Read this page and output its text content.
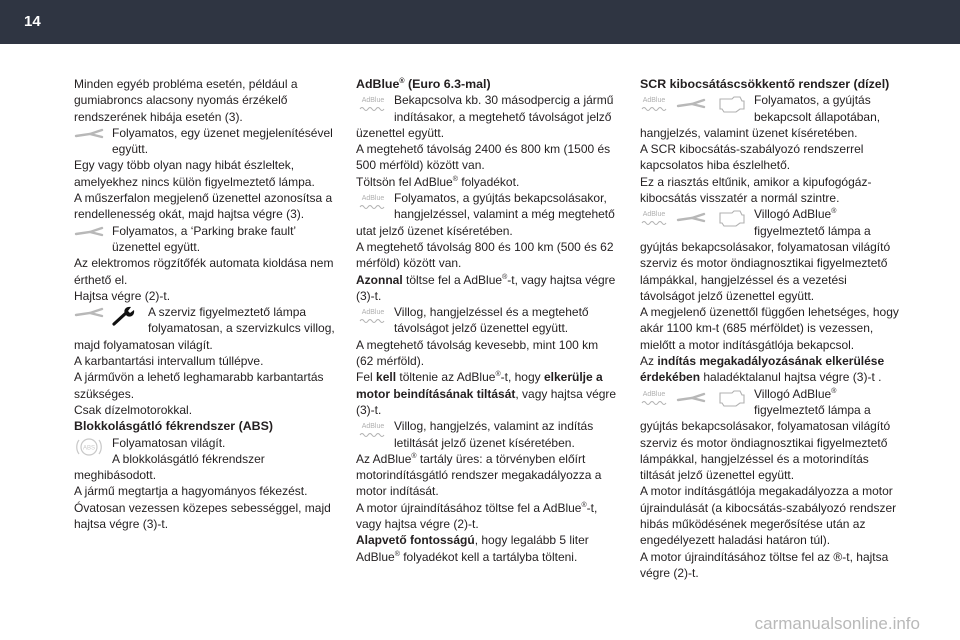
14

Minden egyéb probléma esetén, például a gumiabroncs alacsony nyomás érzékelő rendszerének hibája esetén (3).

Folyamatos, egy üzenet megjelenítésével együtt.

Egy vagy több olyan nagy hibát észleltek, amelyekhez nincs külön figyelmeztető lámpa.
A műszerfalon megjelenő üzenettel azonosítsa a rendellenesség okát, majd hajtsa végre (3).

Folyamatos, a ‘Parking brake fault’ üzenettel együtt.

Az elektromos rögzítőfék automata kioldása nem érthető el.
Hajtsa végre (2)-t.

A szerviz figyelmeztető lámpa folyamatosan, a szervizkulcs villog,

majd folyamatosan világít.
A karbantartási intervallum túllépve.
A járművön a lehető leghamarabb karbantartás szükséges.
Csak dízelmotorokkal.

Blokkolásgátló fékrendszer (ABS)

ABS Folyamatosan világít.
A blokkolásgátló fékrendszer

meghibásodott.
A jármű megtartja a hagyományos fékezést.
Óvatosan vezessen közepes sebességgel, majd hajtsa végre (3)-t.

AdBlue® (Euro 6.3-mal)

AdBlue Bekapcsolva kb. 30 másodpercig a jármű indításakor, a megtehető távolságot jelző

üzenettel együtt.

A megtehető távolság 2400 és 800 km (1500 és 500 mérföld) között van.

Töltsön fel AdBlue® folyadékot.

AdBlue Folyamatos, a gyújtás bekapcsolásakor, hangjelzéssel, valamint a még megtehető

utat jelző üzenet kíséretében.

A megtehető távolság 800 és 100 km (500 és 62 mérföld) között van.

Azonnal töltse fel a AdBlue®-t, vagy hajtsa végre (3)-t.

AdBlue Villog, hangjelzéssel és a megtehető távolságot jelző üzenettel együtt.

A megtehető távolság kevesebb, mint 100 km (62 mérföld).

Fel kell töltenie az AdBlue®-t, hogy elkerülje a motor beindításának tiltását, vagy hajtsa végre (3)-t.

AdBlue Villog, hangjelzés, valamint az indítás letiltását jelző üzenet kíséretében.

Az AdBlue® tartály üres: a törvényben előírt motorindításgátló rendszer megakadályozza a motor indítását.

A motor újraindításához töltse fel a AdBlue®-t, vagy hajtsa végre (2)-t.

Alapvető fontosságú, hogy legalább 5 liter

AdBlue® folyadékot kell a tartályba tölteni.

SCR kibocsátáscsökkentő rendszer (dízel)

AdBlue	Folyamatos, a gyújtás bekapcsolt állapotában,

hangjelzés, valamint üzenet kíséretében.
A SCR kibocsátás-szabályozó rendszerrel kapcsolatos hiba észlelhető.
Ez a riasztás eltűnik, amikor a kipufogógáz-kibocsátás visszatér a normál szintre.

AdBlue	Villogó AdBlue® figyelmeztető lámpa a

gyújtás bekapcsolásakor, folyamatosan világító szerviz és motor öndiagnosztikai figyelmeztető lámpákkal, hangjelzéssel és a vezetési távolságot jelző üzenettel együtt.

A megjelenő üzenettől függően lehetséges, hogy akár 1100 km-t (685 mérföldet) is vezessen, mielőtt a motor indításgátlója bekapcsol.

Az indítás megakadályozásának elkerülése érdekében haladéktalanul hajtsa végre (3)-t .

AdBlue	Villogó AdBlue® figyelmeztető lámpa a

gyújtás bekapcsolásakor, folyamatosan világító szerviz és motor öndiagnosztikai figyelmeztető lámpákkal, hangjelzéssel és a motorindítás tiltását jelző üzenettel együtt.

A motor indításgátlója megakadályozza a motor újraindulását (a kibocsátás-szabályozó rendszer hibás működésének megerősítése után az engedélyezett haladási határon túl).

A motor újraindításához töltse fel az ®-t, hajtsa végre (2)-t.

carmanualsonline.info
